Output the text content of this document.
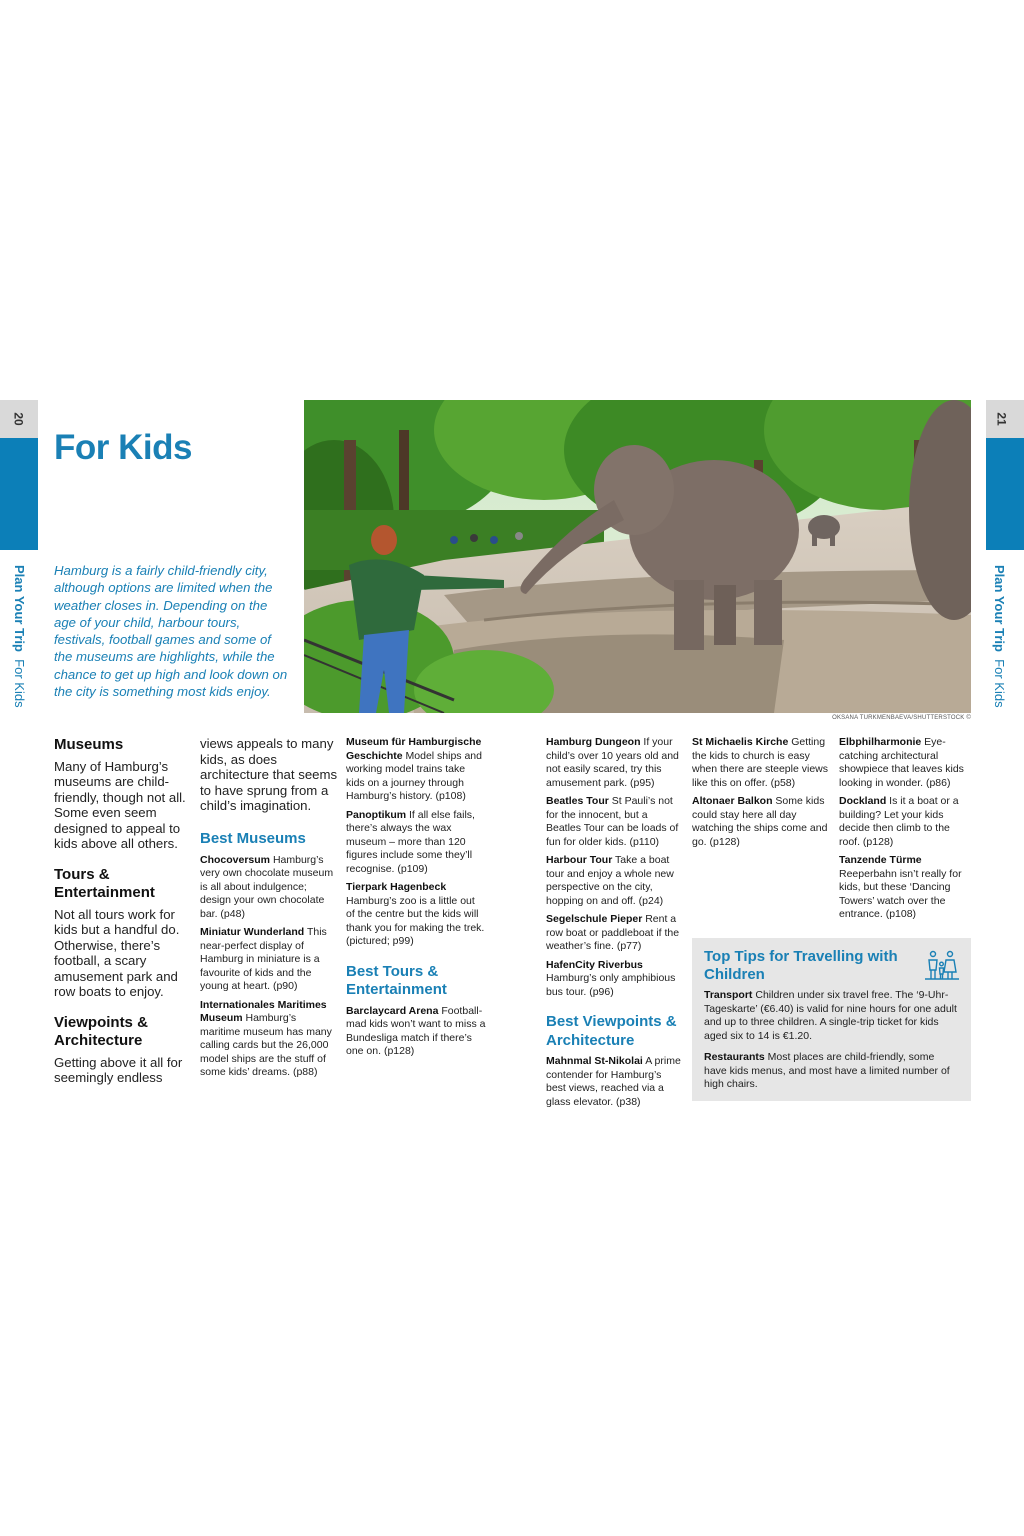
20
Plan Your Trip  For Kids
21
Plan Your Trip  For Kids
For Kids

Hamburg is a fairly child-friendly city, although options are limited when the weather closes in. Depending on the age of your child, harbour tours, festivals, football games and some of the museums are highlights, while the chance to get up high and look down on the city is something most kids enjoy.

OKSANA TURKMENBAEVA/SHUTTERSTOCK ©
Museums

Many of Hamburg’s museums are child-friendly, though not all. Some even seem designed to appeal to kids above all others.

Tours & Entertainment

Not all tours work for kids but a handful do. Otherwise, there’s football, a scary amusement park and row boats to enjoy.

Viewpoints & Architecture

Getting above it all for seemingly endless

views appeals to many kids, as does architecture that seems to have sprung from a child’s imagination.

Best Museums
Chocoversum Hamburg’s very own chocolate museum is all about indulgence; design your own chocolate bar. (p48)
Miniatur Wunderland This near-perfect display of Hamburg in miniature is a favourite of kids and the young at heart. (p90)
Internationales Maritimes Museum Hamburg’s maritime museum has many calling cards but the 26,000 model ships are the stuff of some kids’ dreams. (p88)
Museum für Hamburgische Geschichte Model ships and working model trains take kids on a journey through Hamburg’s history. (p108)
Panoptikum If all else fails, there’s always the wax museum – more than 120 figures include some they’ll recognise. (p109)
Tierpark Hagenbeck Hamburg’s zoo is a little out of the centre but the kids will thank you for making the trek. (pictured; p99)
Best Tours & Entertainment
Barclaycard Arena Football-mad kids won’t want to miss a Bundesliga match if there’s one on. (p128)
Hamburg Dungeon If your child’s over 10 years old and not easily scared, try this amusement park. (p95)
Beatles Tour St Pauli’s not for the innocent, but a Beatles Tour can be loads of fun for older kids. (p110)
Harbour Tour Take a boat tour and enjoy a whole new perspective on the city, hopping on and off. (p24)
Segelschule Pieper Rent a row boat or paddleboat if the weather’s fine. (p77)
HafenCity Riverbus Hamburg’s only amphibious bus tour. (p96)
Best Viewpoints & Architecture
Mahnmal St-Nikolai A prime contender for Hamburg’s best views, reached via a glass elevator. (p38)
St Michaelis Kirche Getting the kids to church is easy when there are steeple views like this on offer. (p58)
Altonaer Balkon Some kids could stay here all day watching the ships come and go. (p128)
Elbphilharmonie Eye-catching architectural showpiece that leaves kids looking in wonder. (p86)
Dockland Is it a boat or a building? Let your kids decide then climb to the roof. (p128)
Tanzende Türme Reeperbahn isn’t really for kids, but these ‘Dancing Towers’ watch over the entrance. (p108)
Top Tips for Travelling with Children
Transport Children under six travel free. The ‘9-Uhr-Tageskarte’ (€6.40) is valid for nine hours for one adult and up to three children. A single-trip ticket for kids aged six to 14 is €1.20.
Restaurants Most places are child-friendly, some have kids menus, and most have a limited number of high chairs.
